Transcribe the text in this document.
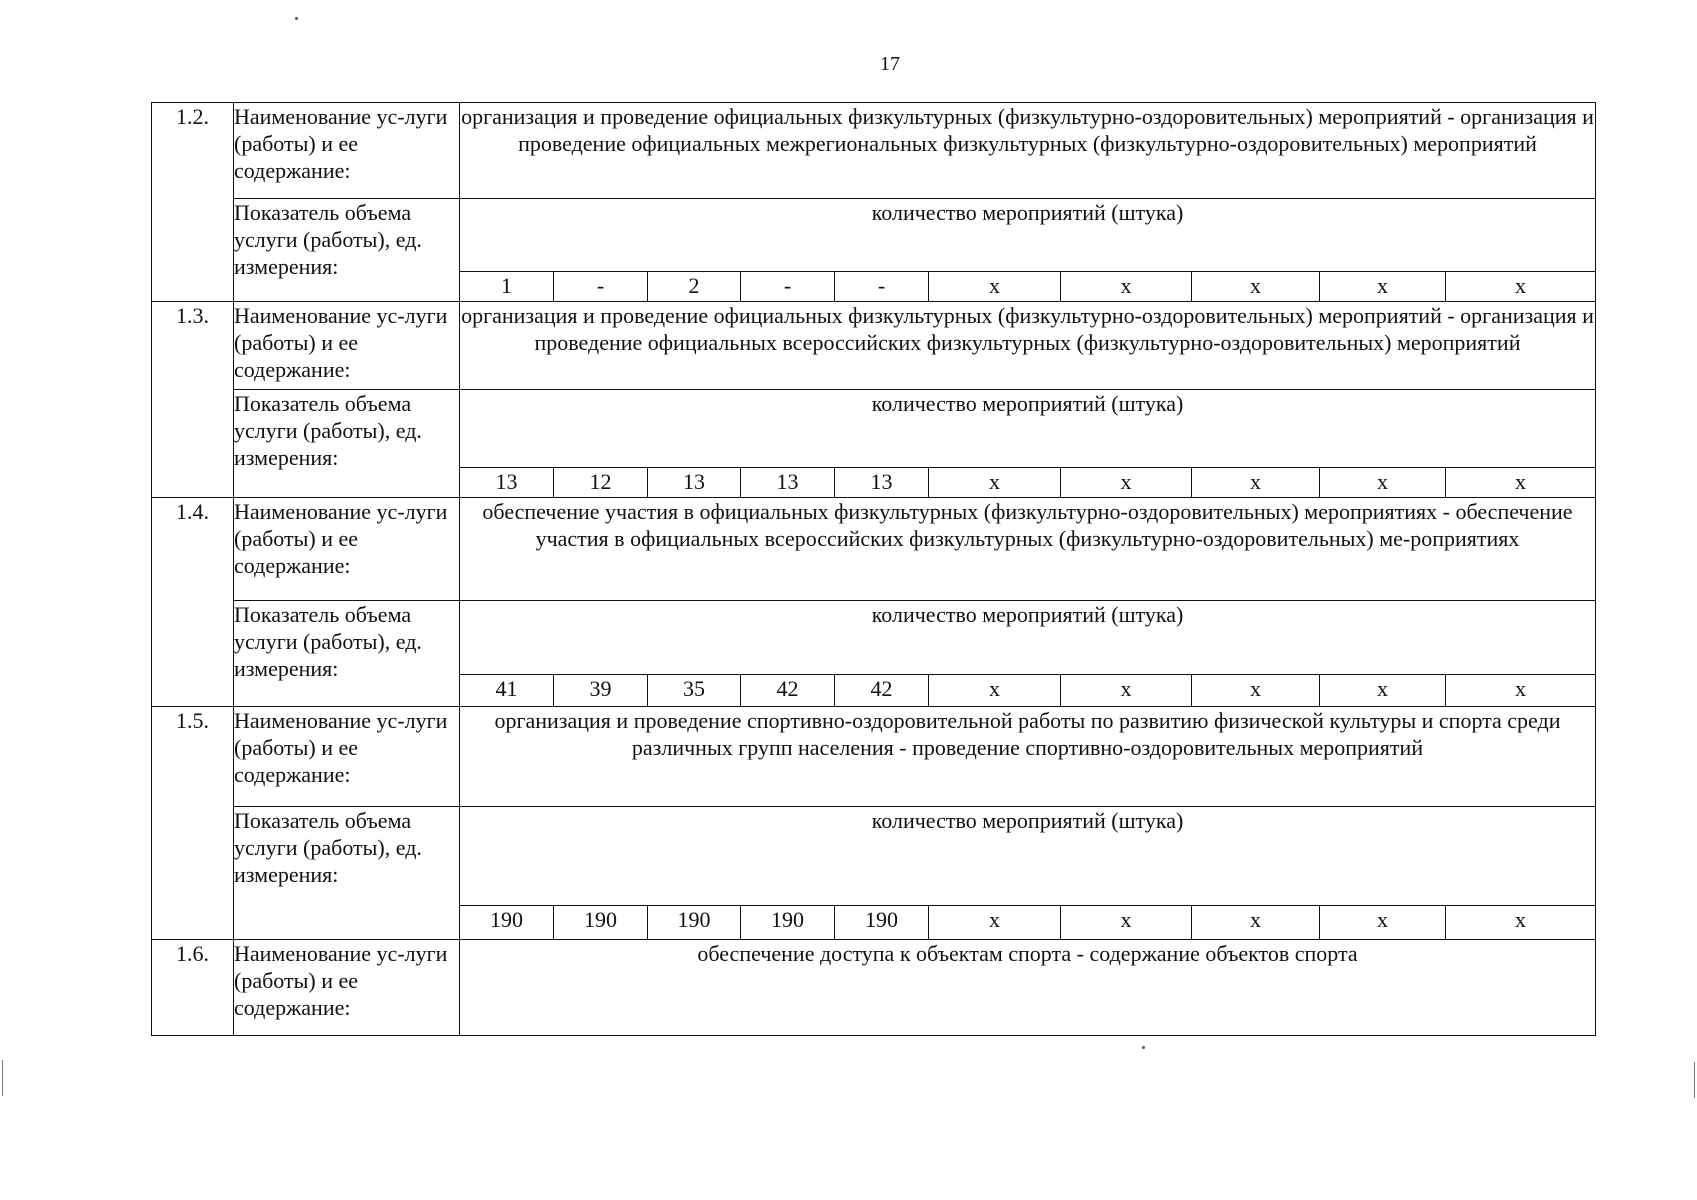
17
1.2.	Наименование ус-луги (работы) и ее содержание:	организация и проведение официальных физкультурных (физкультурно-оздоровительных) мероприятий - организация и проведение официальных межрегиональных физкультурных (физкультурно-оздоровительных) мероприятий									
	Показатель объема услуги (работы), ед. измерения:	количество мероприятий (штука)									
		1	-	2	-	-	x	x	x	x	x
1.3.	Наименование ус-луги (работы) и ее содержание:	организация и проведение официальных физкультурных (физкультурно-оздоровительных) мероприятий - организация и проведение официальных всероссийских физкультурных (физкультурно-оздоровительных) мероприятий									
	Показатель объема услуги (работы), ед. измерения:	количество мероприятий (штука)									
		13	12	13	13	13	x	x	x	x	x
1.4.	Наименование ус-луги (работы) и ее содержание:	обеспечение участия в официальных физкультурных (физкультурно-оздоровительных) мероприятиях - обеспечение участия в официальных всероссийских физкультурных (физкультурно-оздоровительных) ме-роприятиях									
	Показатель объема услуги (работы), ед. измерения:	количество мероприятий (штука)									
		41	39	35	42	42	x	x	x	x	x
1.5.	Наименование ус-луги (работы) и ее содержание:	организация и проведение спортивно-оздоровительной работы по развитию физической культуры и спорта среди различных групп населения - проведение спортивно-оздоровительных мероприятий									
	Показатель объема услуги (работы), ед. измерения:	количество мероприятий (штука)									
		190	190	190	190	190	x	x	x	x	x
1.6.	Наименование ус-луги (работы) и ее содержание:	обеспечение доступа к объектам спорта - содержание объектов спорта									
